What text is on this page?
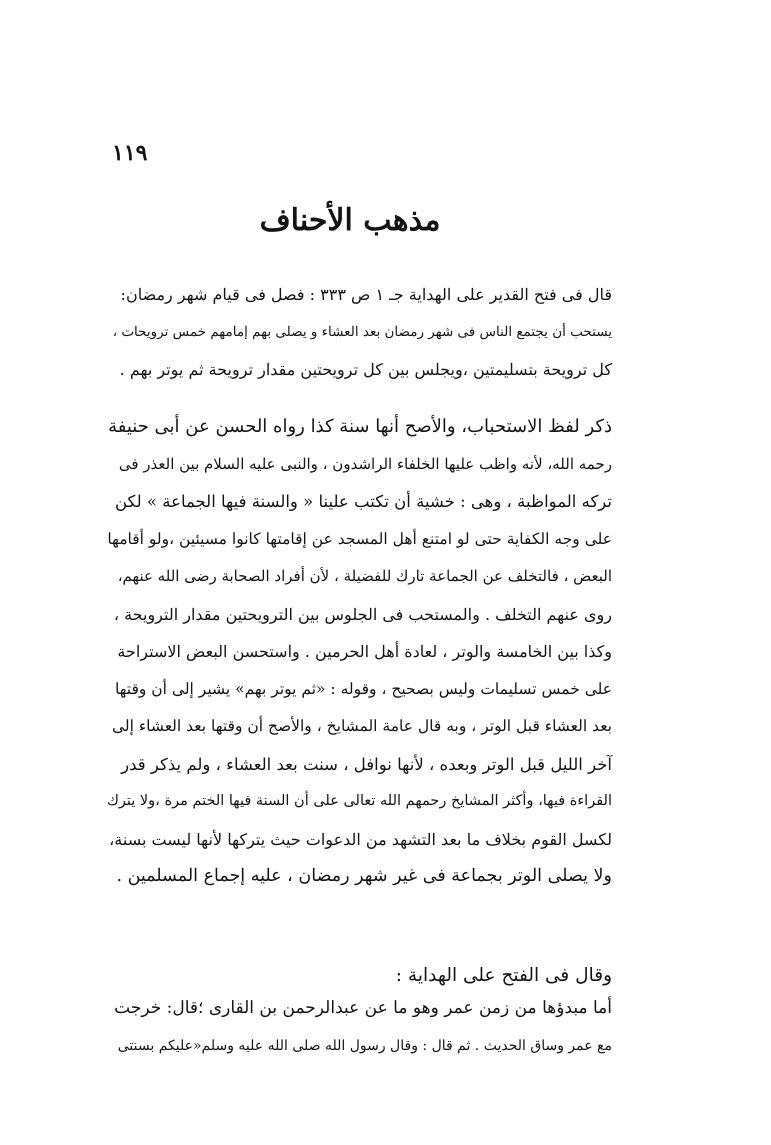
١١٩
مذهب الأحناف

قال فى فتح القدير على الهداية جـ ١ ص ٣٣٣ : فصل فى قيام شهر رمضان:

يستحب أن يجتمع الناس فى شهر رمضان بعد العشاء و يصلى بهم إمامهم خمس ترويحات ،

كل ترويحة بتسليمتين ،ويجلس بين كل ترويحتين مقدار ترويحة ثم يوتر بهم .

ذكر لفظ الاستحباب، والأصح أنها سنة كذا رواه الحسن عن أبى حنيفة

رحمه الله، لأنه واظب عليها الخلفاء الراشدون ، والنبى عليه السلام بين العذر فى

تركه المواظبة ، وهى : خشية أن تكتب علينا « والسنة فيها الجماعة » لكن

على وجه الكفاية حتى لو امتنع أهل المسجد عن إقامتها كانوا مسيئين ،ولو أقامها

البعض ، فالتخلف عن الجماعة تارك للفضيلة ، لأن أفراد الصحابة رضى الله عنهم،

روى عنهم التخلف . والمستحب فى الجلوس بين الترويحتين مقدار الترويحة ،

وكذا بين الخامسة والوتر ، لعادة أهل الحرمين . واستحسن البعض الاستراحة

على خمس تسليمات وليس بصحيح ، وقوله : «ثم يوتر بهم» يشير إلى أن وقتها

بعد العشاء قبل الوتر ، وبه قال عامة المشايخ ، والأصح أن وقتها بعد العشاء إلى

آخر الليل قبل الوتر وبعده ، لأنها نوافل ، سنت بعد العشاء ، ولم يذكر قدر

القراءة فيها، وأكثر المشايخ رحمهم الله تعالى على أن السنة فيها الختم مرة ،ولا يترك

لكسل القوم بخلاف ما بعد التشهد من الدعوات حيث يتركها لأنها ليست بسنة،

ولا يصلى الوتر بجماعة فى غير شهر رمضان ، عليه إجماع المسلمين .

وقال فى الفتح على الهداية :

أما مبدؤها من زمن عمر وهو ما عن عبدالرحمن بن القارى ؛قال: خرجت

مع عمر وساق الحديث . ثم قال : وقال رسول الله صلى الله عليه وسلم«عليكم بسنتى
